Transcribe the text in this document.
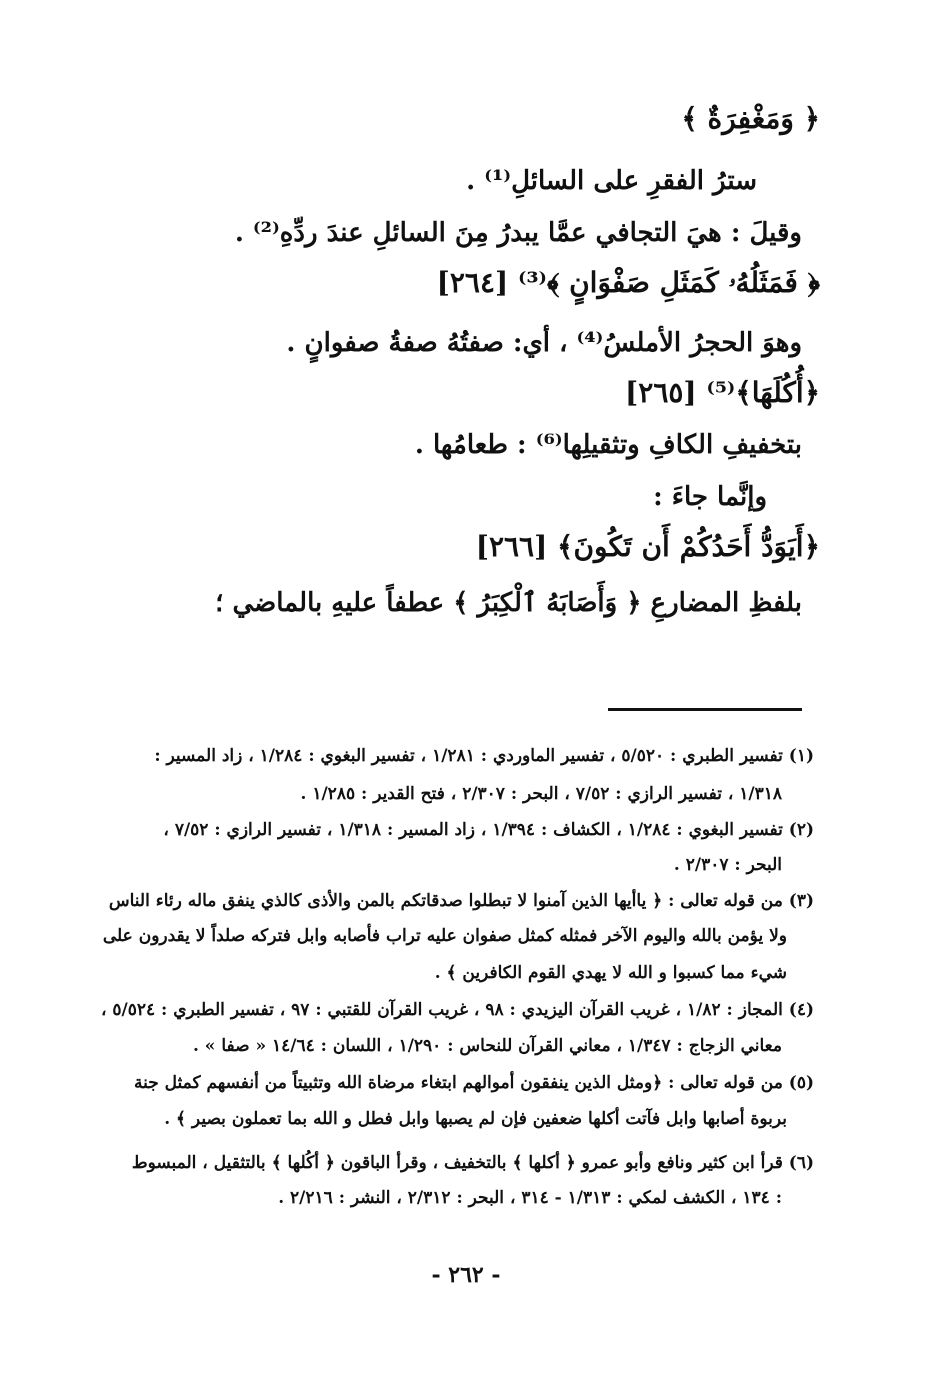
﴿ وَمَغْفِرَةٌ ﴾
سترُ الفقرِ على السائلِ⁽¹⁾ .
وقيلَ : هيَ التجافي عمَّا يبدرُ مِنَ السائلِ عندَ ردِّهِ⁽²⁾ .
﴿ فَمَثَلُهُۥ كَمَثَلِ صَفْوَانٍ ﴾⁽³⁾ [٢٦٤]
وهوَ الحجرُ الأملسُ⁽⁴⁾ ، أي: صفتُهُ صفةُ صفوانٍ .
﴿أُكُلَهَا﴾⁽⁵⁾ [٢٦٥]
بتخفيفِ الكافِ وتثقيلِها⁽⁶⁾ : طعامُها .
وإنَّما جاءَ :
﴿أَيَوَدُّ أَحَدُكُمْ أَن تَكُونَ﴾ [٢٦٦]
بلفظِ المضارعِ ﴿ وَأَصَابَهُ ٱلْكِبَرُ ﴾ عطفاً عليهِ بالماضي ؛
(١) تفسير الطبري : ٥/٥٢٠ ، تفسير الماوردي : ١/٢٨١ ، تفسير البغوي : ١/٢٨٤ ، زاد المسير :
١/٣١٨ ، تفسير الرازي : ٧/٥٢ ، البحر : ٢/٣٠٧ ، فتح القدير : ١/٢٨٥ .
(٢) تفسير البغوي : ١/٢٨٤ ، الكشاف : ١/٣٩٤ ، زاد المسير : ١/٣١٨ ، تفسير الرازي : ٧/٥٢ ،
البحر : ٢/٣٠٧ .
(٣) من قوله تعالى : ﴿ ياأيها الذين آمنوا لا تبطلوا صدقاتكم بالمن والأذى كالذي ينفق ماله رئاء الناس
ولا يؤمن بالله واليوم الآخر فمثله كمثل صفوان عليه تراب فأصابه وابل فتركه صلداً لا يقدرون على
شيء مما كسبوا و الله لا يهدي القوم الكافرين ﴾ .
(٤) المجاز : ١/٨٢ ، غريب القرآن اليزيدي : ٩٨ ، غريب القرآن للقتبي : ٩٧ ، تفسير الطبري : ٥/٥٢٤ ،
معاني الزجاج : ١/٣٤٧ ، معاني القرآن للنحاس : ١/٢٩٠ ، اللسان : ١٤/٦٤ « صفا » .
(٥) من قوله تعالى : ﴿ومثل الذين ينفقون أموالهم ابتغاء مرضاة الله وتثبيتاً من أنفسهم كمثل جنة
بربوة أصابها وابل فآتت أكلها ضعفين فإن لم يصبها وابل فطل و الله بما تعملون بصير ﴾ .
(٦) قرأ ابن كثير ونافع وأبو عمرو ﴿ أكلها ﴾ بالتخفيف ، وقرأ الباقون ﴿ أكُلها ﴾ بالتثقيل ، المبسوط
: ١٣٤ ، الكشف لمكي : ١/٣١٣ - ٣١٤ ، البحر : ٢/٣١٢ ، النشر : ٢/٢١٦ .
- ٢٦٢ -
